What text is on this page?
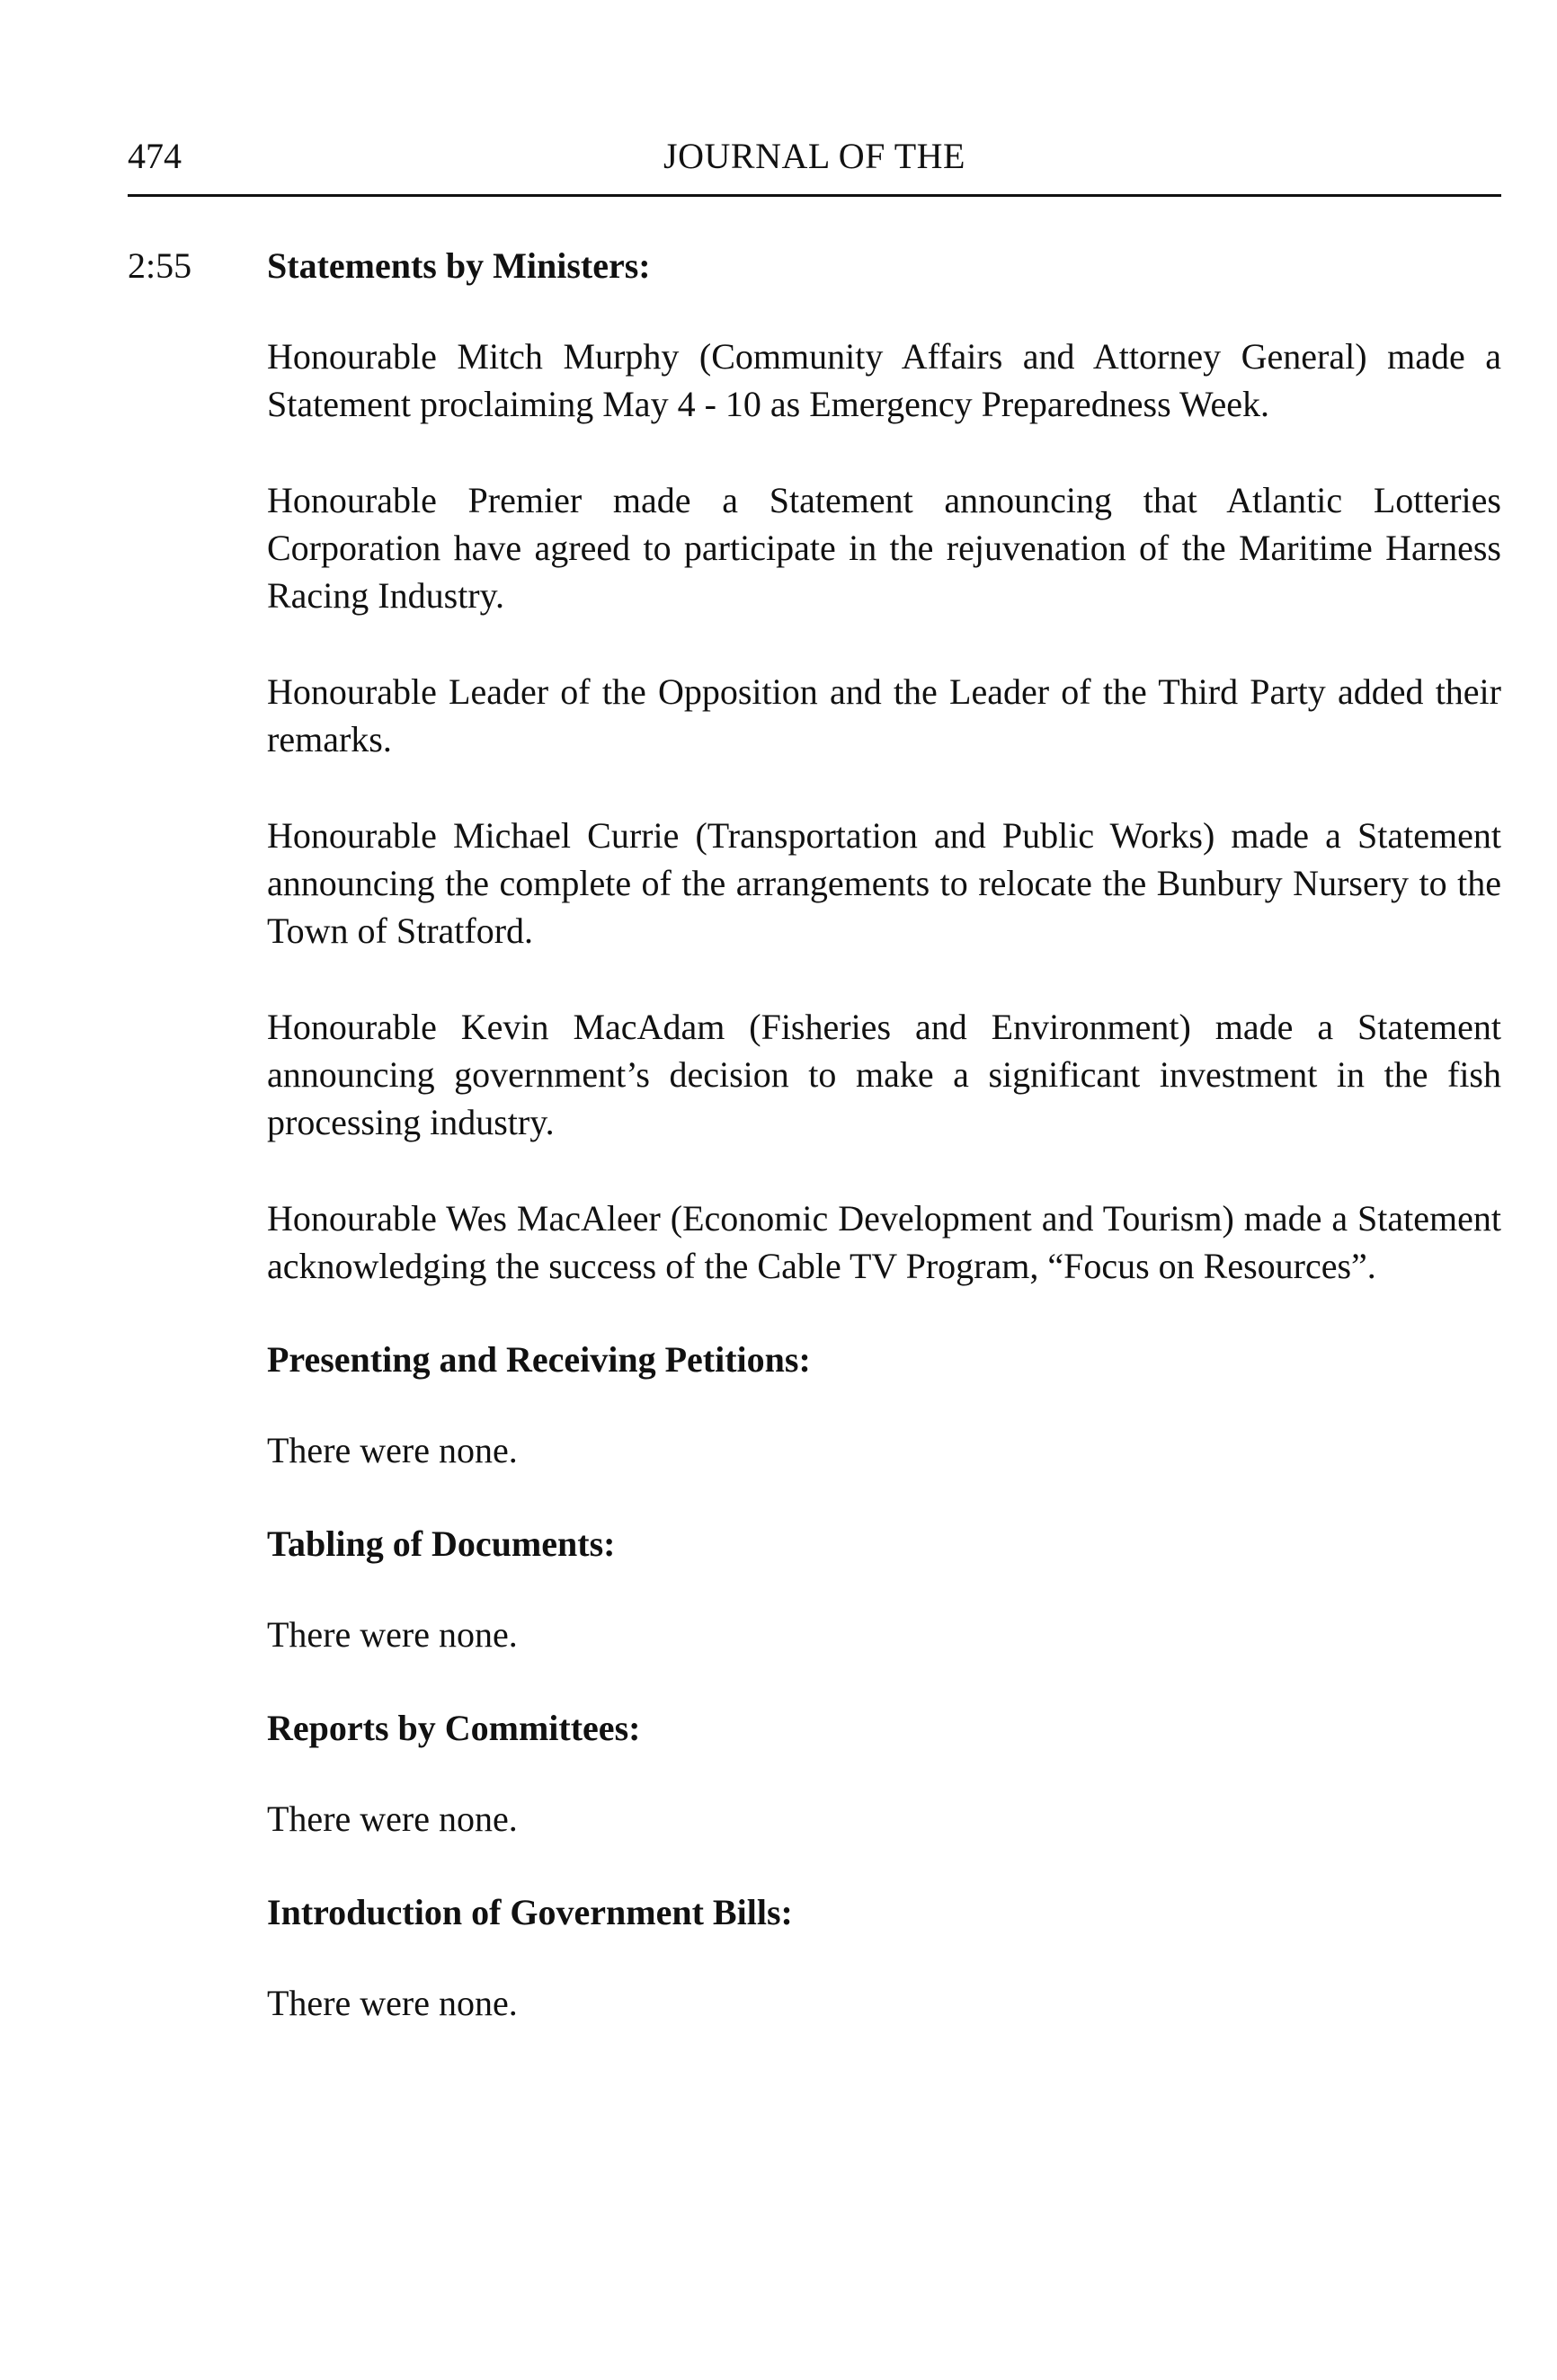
474	JOURNAL OF THE
2:55 Statements by Ministers:

Honourable Mitch Murphy (Community Affairs and Attorney General) made a Statement proclaiming May 4 - 10 as Emergency Preparedness Week.

Honourable Premier made a Statement announcing that Atlantic Lotteries Corporation have agreed to participate in the rejuvenation of the Maritime Harness Racing Industry.

Honourable Leader of the Opposition and the Leader of the Third Party added their remarks.

Honourable Michael Currie (Transportation and Public Works) made a Statement announcing the complete of the arrangements to relocate the Bunbury Nursery to the Town of Stratford.

Honourable Kevin MacAdam (Fisheries and Environment) made a Statement announcing government’s decision to make a significant investment in the fish processing industry.

Honourable Wes MacAleer (Economic Development and Tourism) made a Statement acknowledging the success of the Cable TV Program, “Focus on Resources”.

Presenting and Receiving Petitions:

There were none.

Tabling of Documents:

There were none.

Reports by Committees:

There were none.

Introduction of Government Bills:

There were none.
